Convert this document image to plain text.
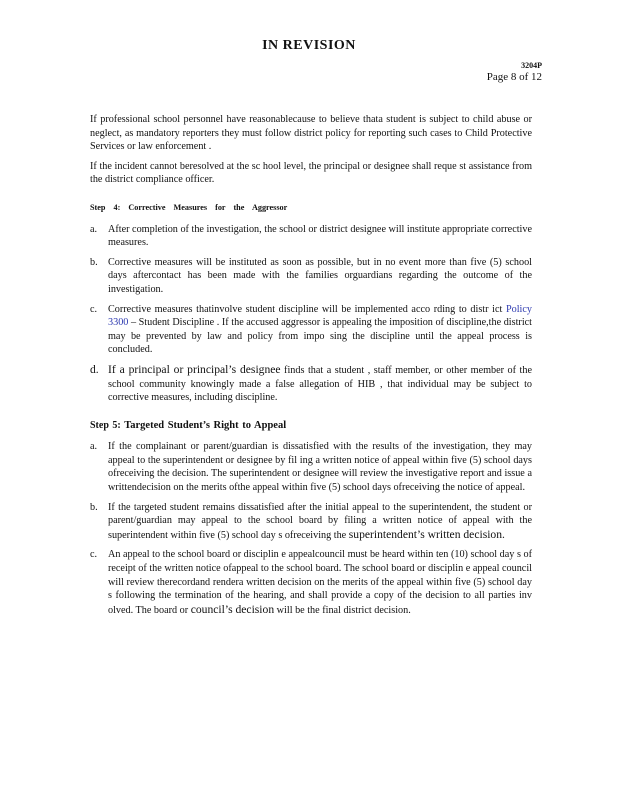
IN REVISION
3204P
Page 8 of 12

If professional school personnel have reasonablecause to believe thata student is subject to child abuse or neglect, as mandatory reporters they must follow district policy for reporting such cases to Child Protective Services or law enforcement .

If the incident cannot beresolved at the sc hool level, the principal or designee shall reque st assistance from the district compliance officer.

Step 4: Corrective Measures for the Aggressor
a. After completion of the investigation, the school or district designee will institute appropriate corrective measures.
b. Corrective measures will be instituted as soon as possible, but in no event more than five (5) school days aftercontact has been made with the families orguardians regarding the outcome of the investigation.
c. Corrective measures thatinvolve student discipline will be implemented acco rding to distr ict Policy 3300 – Student Discipline . If the accused aggressor is appealing the imposition of discipline,the district may be prevented by law and policy from impo sing the discipline until the appeal process is concluded.
d. If a principal or principal’s designee finds that a student , staff member, or other member of the school community knowingly made a false allegation of HIB , that individual may be subject to corrective measures, including discipline.
Step 5: Targeted Student’s Right to Appeal
a. If the complainant or parent/guardian is dissatisfied with the results of the investigation, they may appeal to the superintendent or designee by fil ing a written notice of appeal within five (5) school days ofreceiving the decision. The superintendent or designee will review the investigative report and issue a writtendecision on the merits ofthe appeal within five (5) school days ofreceiving the notice of appeal.
b. If the targeted student remains dissatisfied after the initial appeal to the superintendent, the student or parent/guardian may appeal to the school board by filing a written notice of appeal with the superintendent within five (5) school day s ofreceiving the superintendent’s written decision.
c. An appeal to the school board or disciplin e appealcouncil must be heard within ten (10) school day s of receipt of the written notice ofappeal to the school board. The school board or disciplin e appeal council will review therecordand rendera written decision on the merits of the appeal within five (5) school day s following the termination of the hearing, and shall provide a copy of the decision to all parties inv olved. The board or council’s decision will be the final district decision.
